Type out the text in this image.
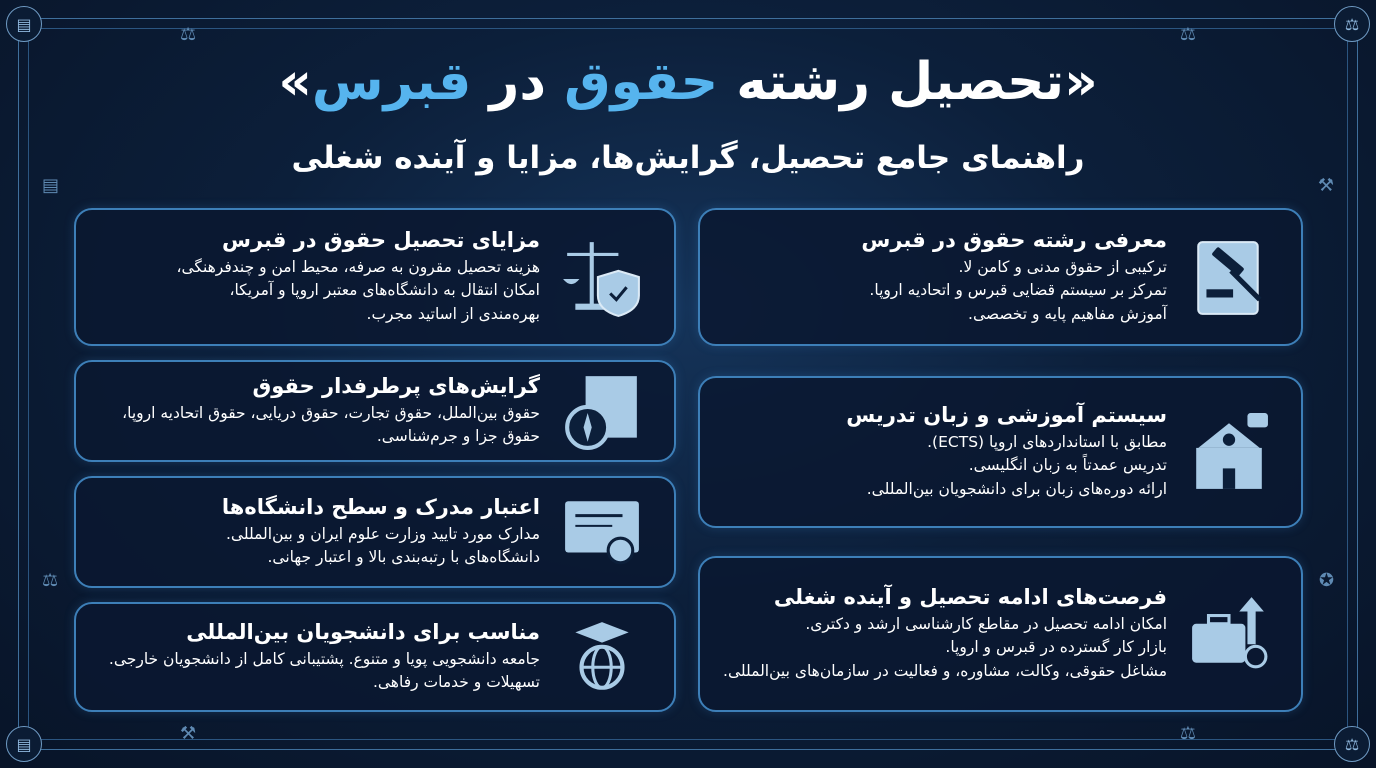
▤	⚖
▤	⚖
⚖	⚖
▤	⚒
⚖	✪
⚒	⚖
«تحصیل رشته حقوق در قبرس»
راهنمای جامع تحصیل، گرایش‌ها، مزایا و آینده شغلی
معرفی رشته حقوق در قبرس

ترکیبی از حقوق مدنی و کامن لا.

تمرکز بر سیستم قضایی قبرس و اتحادیه اروپا.

آموزش مفاهیم پایه و تخصصی.

سیستم آموزشی و زبان تدریس

مطابق با استانداردهای اروپا (ECTS).

تدریس عمدتاً به زبان انگلیسی.

ارائه دوره‌های زبان برای دانشجویان بین‌المللی.

فرصت‌های ادامه تحصیل و آینده شغلی

امکان ادامه تحصیل در مقاطع کارشناسی ارشد و دکتری.

بازار کار گسترده در قبرس و اروپا.

مشاغل حقوقی، وکالت، مشاوره، و فعالیت در سازمان‌های بین‌المللی.

مزایای تحصیل حقوق در قبرس

هزینه تحصیل مقرون به صرفه، محیط امن و چندفرهنگی،

امکان انتقال به دانشگاه‌های معتبر اروپا و آمریکا،

بهره‌مندی از اساتید مجرب.

گرایش‌های پرطرفدار حقوق

حقوق بین‌الملل، حقوق تجارت، حقوق دریایی، حقوق اتحادیه اروپا، حقوق جزا و جرم‌شناسی.

اعتبار مدرک و سطح دانشگاه‌ها

مدارک مورد تایید وزارت علوم ایران و بین‌المللی.

دانشگاه‌های با رتبه‌بندی بالا و اعتبار جهانی.

مناسب برای دانشجویان بین‌المللی

جامعه دانشجویی پویا و متنوع. پشتیبانی کامل از دانشجویان خارجی.

تسهیلات و خدمات رفاهی.
